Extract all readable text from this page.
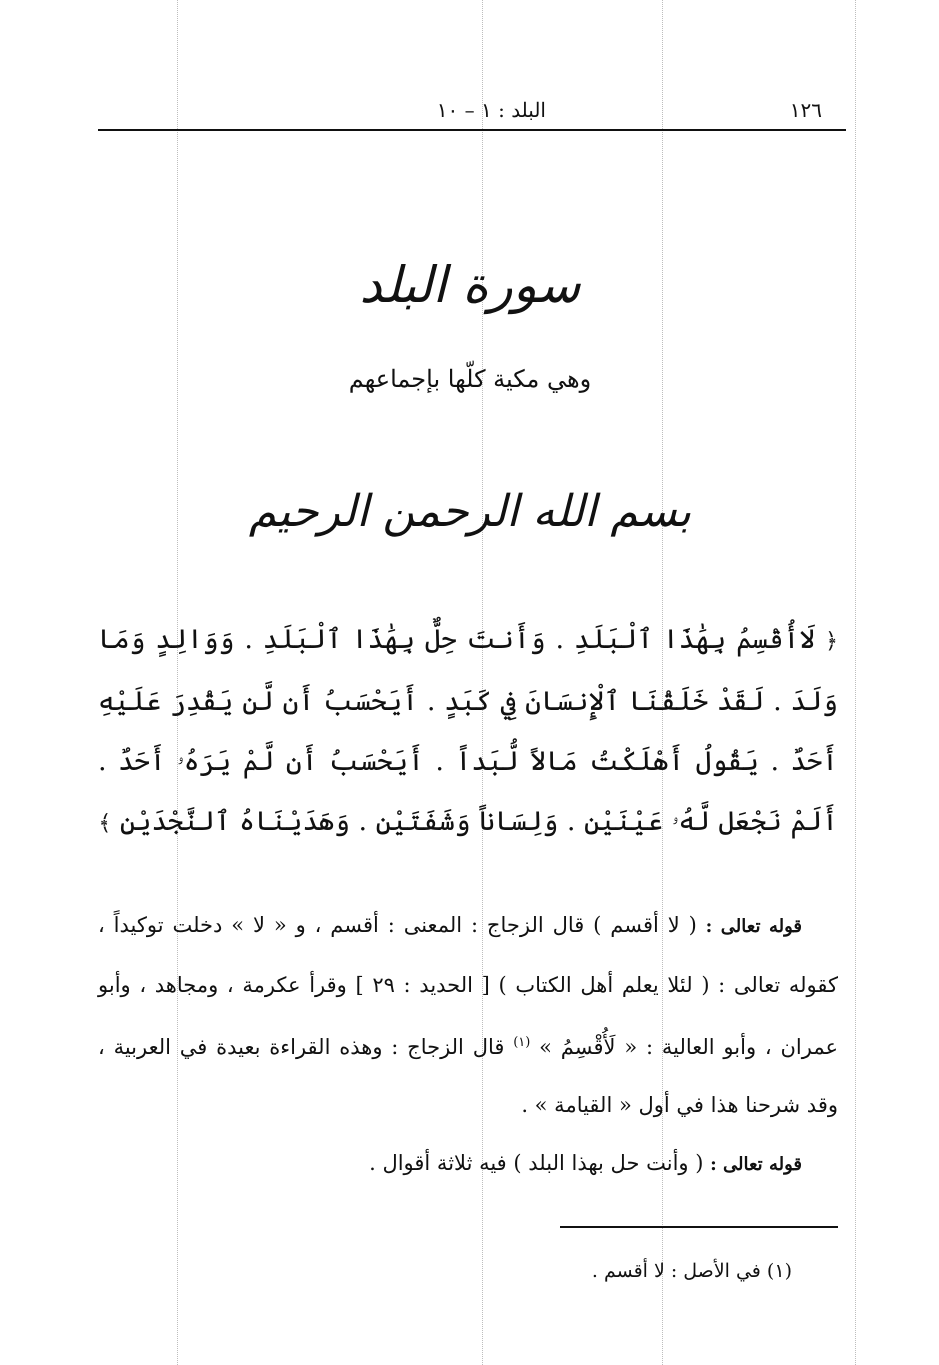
١٢٦
البلد : ١ – ١٠
سورة البلد
وهي مكية كلّها بإجماعهم
بسم الله الرحمن الرحيم
﴿ لَاأُقْسِمُ بِهَٰذَا ٱلْبَلَدِ . وَأَنتَ حِلٌّ بِهَٰذَا ٱلْبَلَدِ . وَوَالِدٍ وَمَا وَلَدَ . لَقَدْ خَلَقْنَا ٱلْإِنسَانَ فِي كَبَدٍ . أَيَحْسَبُ أَن لَّن يَقْدِرَ عَلَيْهِ أَحَدٌ . يَقُولُ أَهْلَكْتُ مَالاً لُّبَداً . أَيَحْسَبُ أَن لَّمْ يَرَهُۥ أَحَدٌ . أَلَمْ نَجْعَل لَّهُۥ عَيْنَيْنِ . وَلِسَاناً وَشَفَتَيْنِ . وَهَدَيْنَاهُ ٱلنَّجْدَيْنِ ﴾

قوله تعالى : ( لا أقسم ) قال الزجاج : المعنى : أقسم ، و « لا » دخلت توكيداً ، كقوله تعالى : ( لئلا يعلم أهل الكتاب ) [ الحديد : ٢٩ ] وقرأ عكرمة ، ومجاهد ، وأبو عمران ، وأبو العالية : « لَأُقْسِمُ » $^{(١)}$ قال الزجاج : وهذه القراءة بعيدة في العربية ، وقد شرحنا هذا في أول « القيامة » .

قوله تعالى : ( وأنت حل بهذا البلد ) فيه ثلاثة أقوال .

(١) في الأصل : لا أقسم .
